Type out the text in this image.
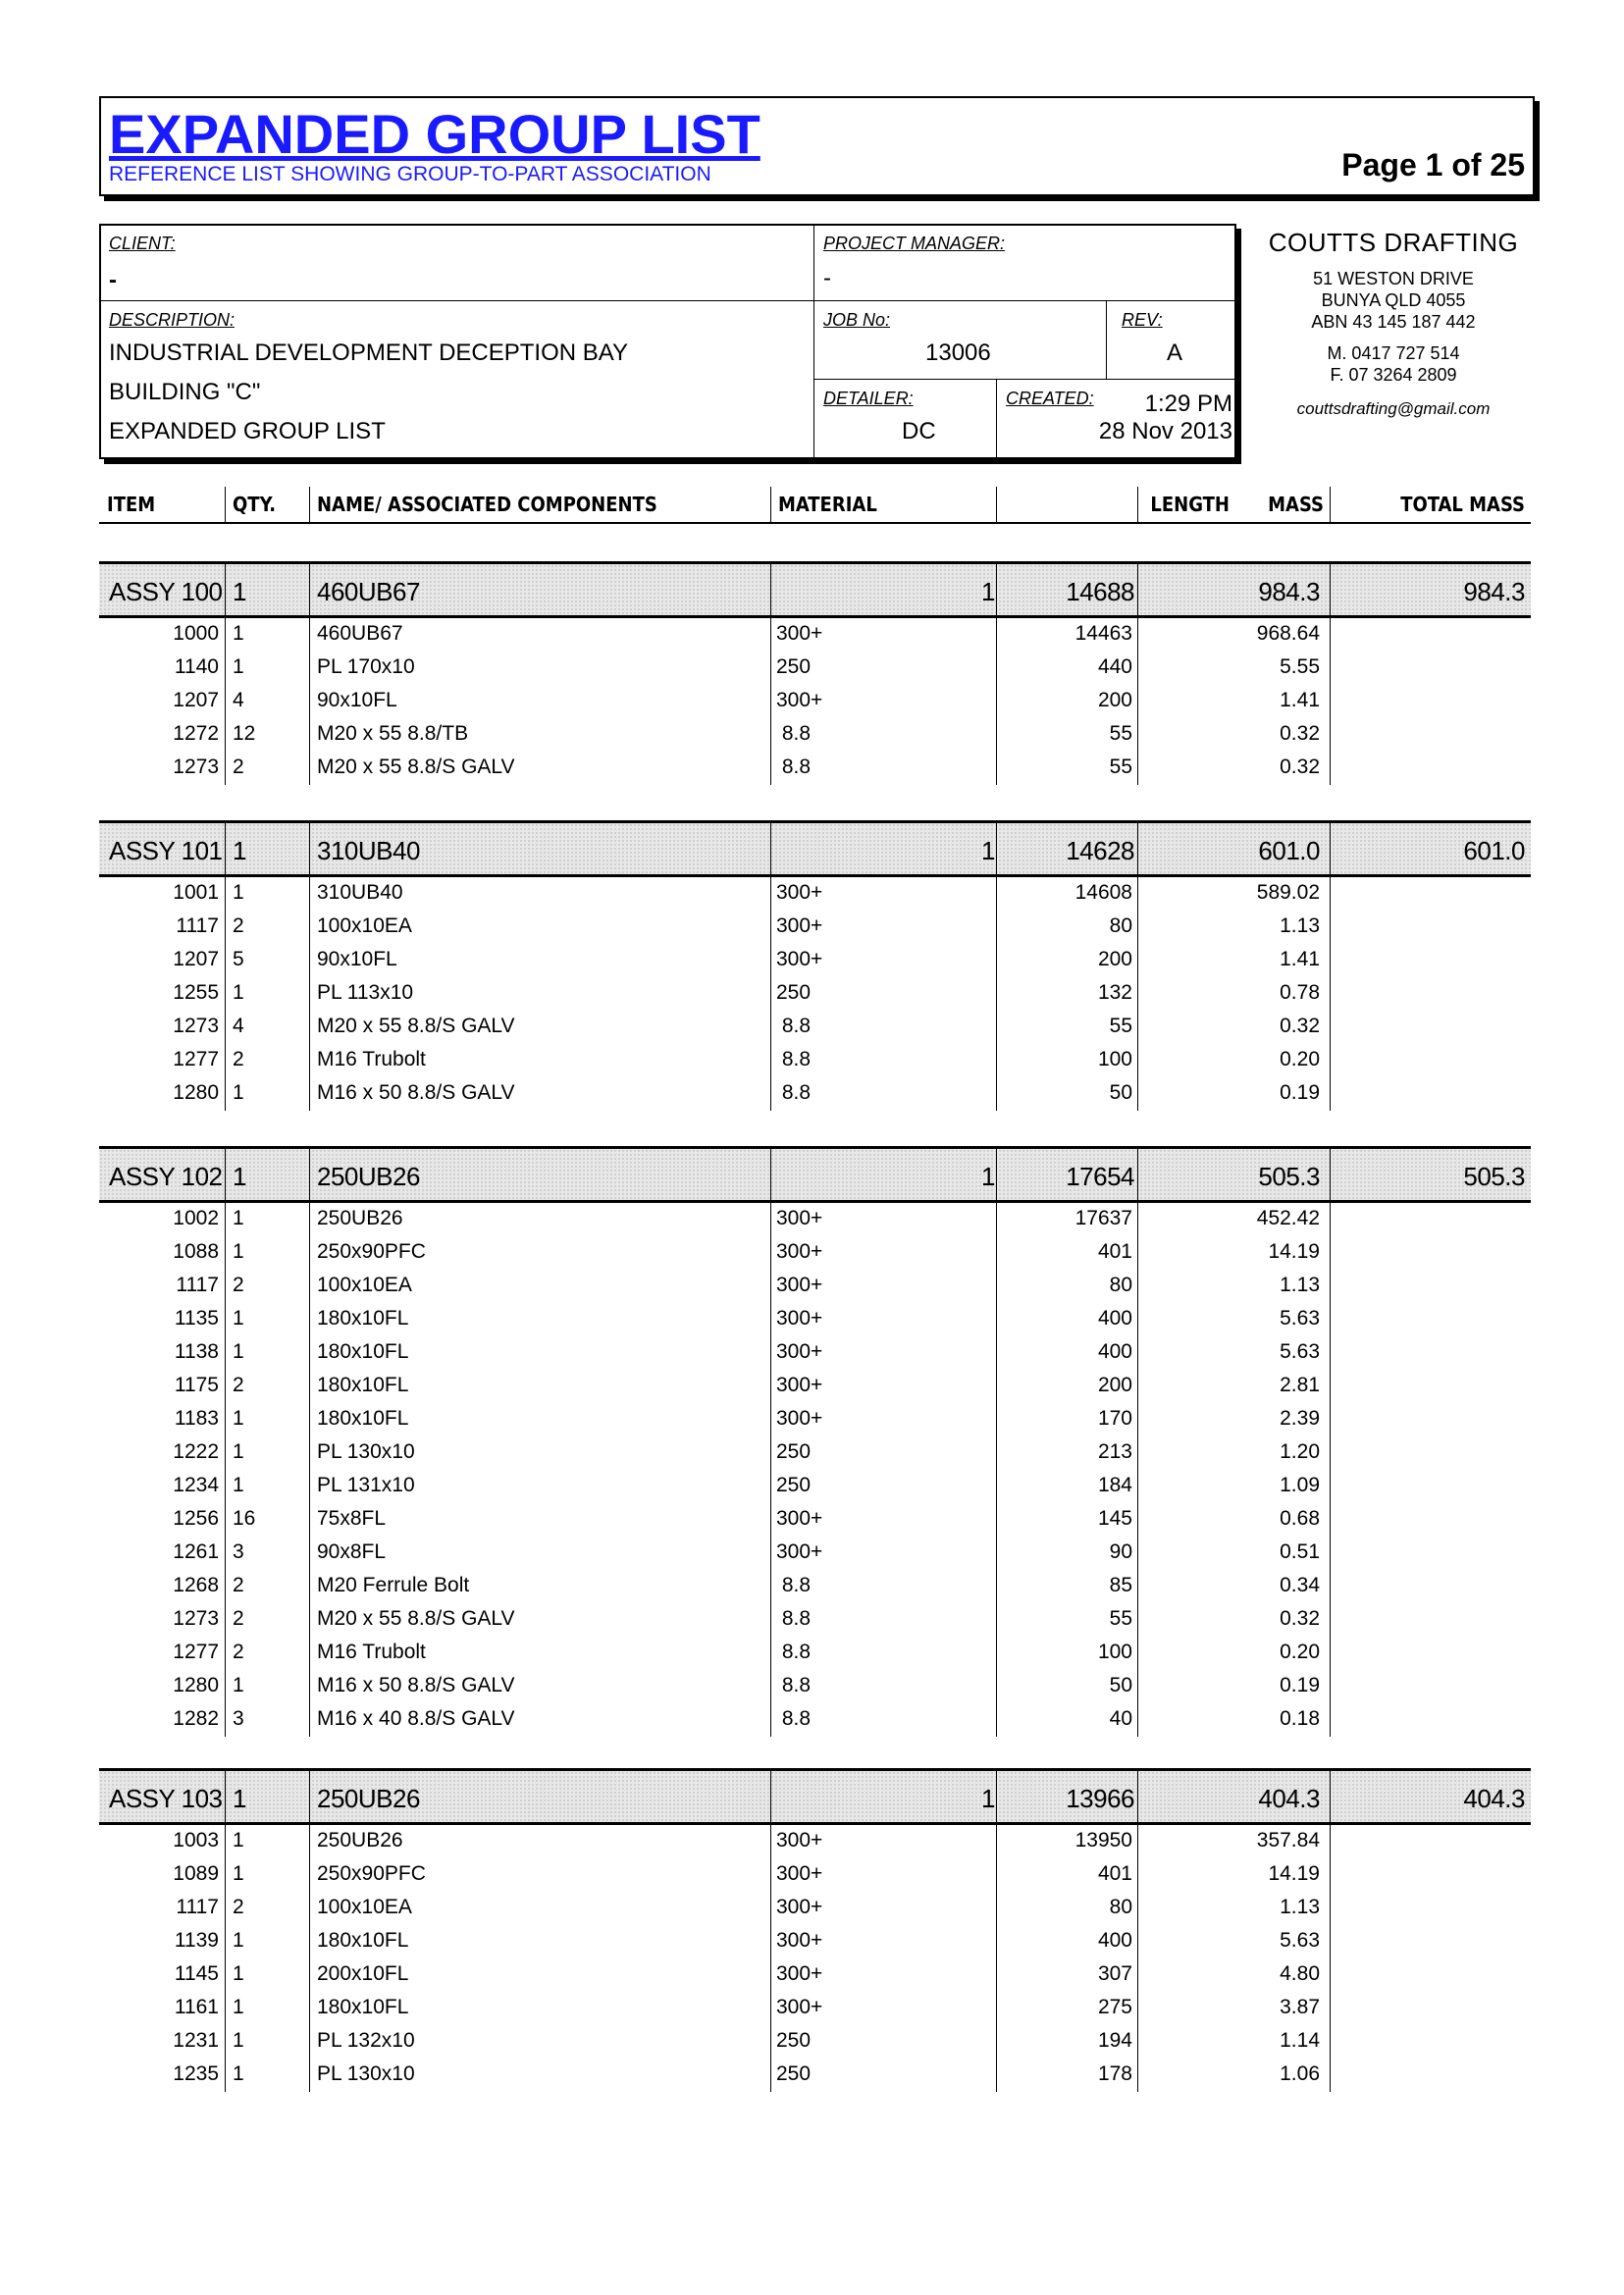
EXPANDED GROUP LIST
REFERENCE LIST SHOWING GROUP-TO-PART ASSOCIATION	Page 1 of 25
CLIENT:
-
PROJECT MANAGER:
-
DESCRIPTION:
INDUSTRIAL DEVELOPMENT DECEPTION BAY
BUILDING "C"
EXPANDED GROUP LIST
JOB No:
13006
REV:
A
DETAILER:
DC
CREATED: 1:29 PM
28 Nov 2013
COUTTS DRAFTING
51 WESTON DRIVE
BUNYA QLD 4055
ABN 43 145 187 442
M. 0417 727 514
F. 07 3264 2809
couttsdrafting@gmail.com
ITEM	QTY. NAME/ ASSOCIATED COMPONENTS	MATERIAL	LENGTH MASS	TOTAL MASS
ASSY 100 1	460UB67	1	14688	984.3	984.3
1000 1	460UB67	300+	14463	968.64
1140 1	PL 170x10	250	440	5.55
1207 4	90x10FL	300+	200	1.41
1272 12	M20 x 55 8.8/TB	8.8	55	0.32
1273 2	M20 x 55 8.8/S GALV	8.8	55	0.32
ASSY 101 1	310UB40	1	14628	601.0	601.0
1001 1	310UB40	300+	14608	589.02
1117 2	100x10EA	300+	80	1.13
1207 5	90x10FL	300+	200	1.41
1255 1	PL 113x10	250	132	0.78
1273 4	M20 x 55 8.8/S GALV	8.8	55	0.32
1277 2	M16 Trubolt	8.8	100	0.20
1280 1	M16 x 50 8.8/S GALV	8.8	50	0.19
ASSY 102 1	250UB26	1	17654	505.3	505.3
1002 1	250UB26	300+	17637	452.42
1088 1	250x90PFC	300+	401	14.19
1117 2	100x10EA	300+	80	1.13
1135 1	180x10FL	300+	400	5.63
1138 1	180x10FL	300+	400	5.63
1175 2	180x10FL	300+	200	2.81
1183 1	180x10FL	300+	170	2.39
1222 1	PL 130x10	250	213	1.20
1234 1	PL 131x10	250	184	1.09
1256 16	75x8FL	300+	145	0.68
1261 3	90x8FL	300+	90	0.51
1268 2	M20 Ferrule Bolt	8.8	85	0.34
1273 2	M20 x 55 8.8/S GALV	8.8	55	0.32
1277 2	M16 Trubolt	8.8	100	0.20
1280 1	M16 x 50 8.8/S GALV	8.8	50	0.19
1282 3	M16 x 40 8.8/S GALV	8.8	40	0.18
ASSY 103 1	250UB26	1	13966	404.3	404.3
1003 1	250UB26	300+	13950	357.84
1089 1	250x90PFC	300+	401	14.19
1117 2	100x10EA	300+	80	1.13
1139 1	180x10FL	300+	400	5.63
1145 1	200x10FL	300+	307	4.80
1161 1	180x10FL	300+	275	3.87
1231 1	PL 132x10	250	194	1.14
1235 1	PL 130x10	250	178	1.06
